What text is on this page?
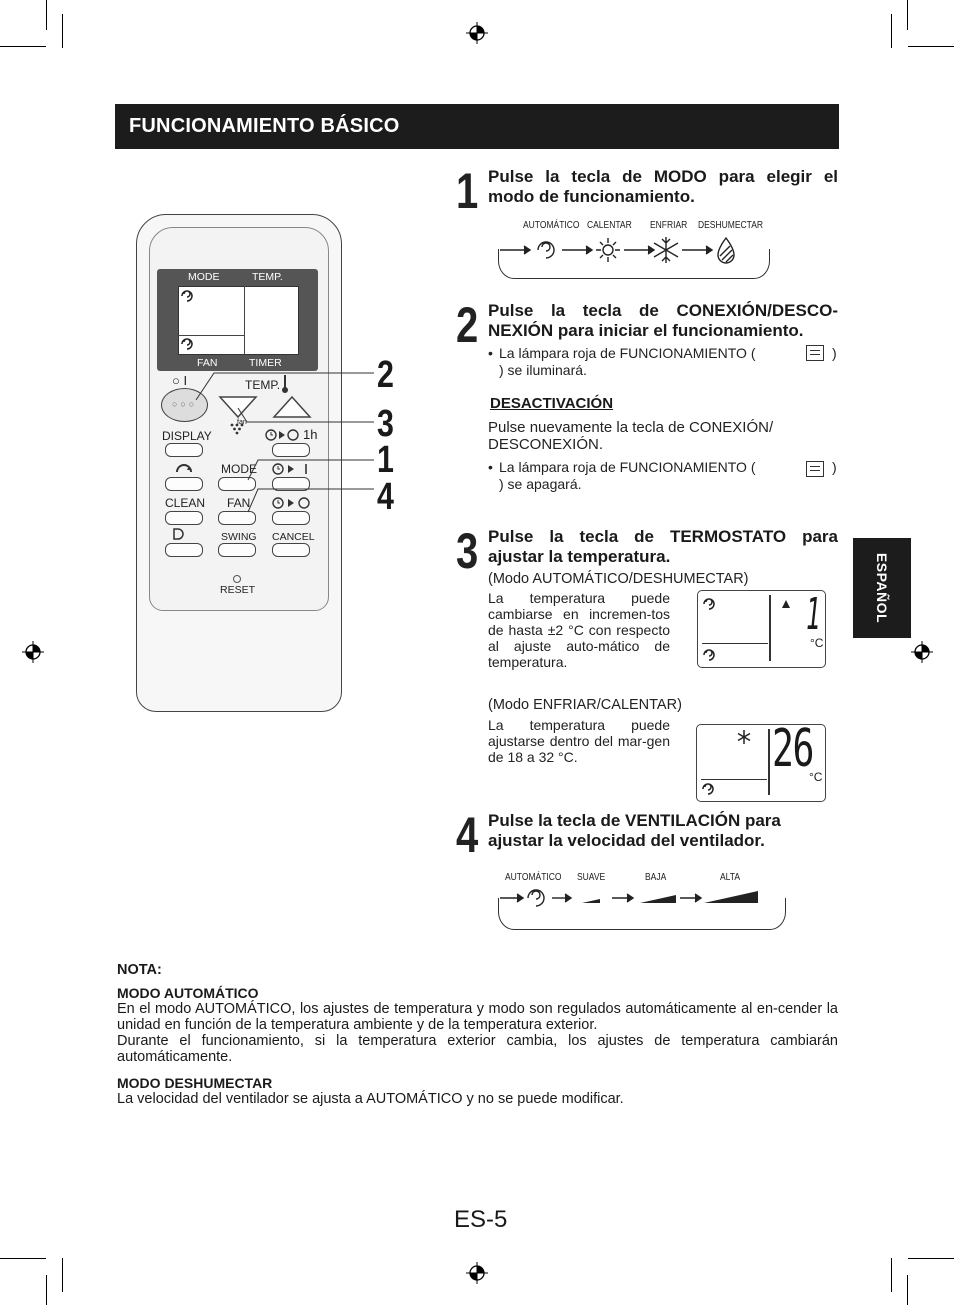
FUNCIONAMIENTO BÁSICO
ESPAÑOL
MODE	TEMP.
FAN	TIMER
○ I
○○○
TEMP.
fan
DISPLAY	1h
MODE
CLEAN FAN
SWING CANCEL
RESET
2
3
1
4
1 Pulse la tecla de MODO para elegir el modo de funcionamiento.
AUTOMÁTICO CALENTAR ENFRIAR DESHUMECTAR
2 Pulse la tecla de CONEXIÓN/DESCO-NEXIÓN para iniciar el funcionamiento.
• La lámpara roja de FUNCIONAMIENTO (	)
) se iluminará.
DESACTIVACIÓN
Pulse nuevamente la tecla de CONEXIÓN/ DESCONEXIÓN.
• La lámpara roja de FUNCIONAMIENTO (	)
) se apagará.
3 Pulse la tecla de TERMOSTATO para ajustar la temperatura.
(Modo AUTOMÁTICO/DESHUMECTAR)
La temperatura puede cambiarse en incremen-tos de hasta ±2 °C con respecto al ajuste auto-mático de temperatura.
1
°C
(Modo ENFRIAR/CALENTAR)
La temperatura puede ajustarse dentro del mar-gen de 18 a 32 °C.	26
°C
4 Pulse la tecla de VENTILACIÓN para ajustar la velocidad del ventilador.
AUTOMÁTICO SUAVE	BAJA	ALTA
NOTA:
MODO AUTOMÁTICO
En el modo AUTOMÁTICO, los ajustes de temperatura y modo son regulados automáticamente al en-cender la unidad en función de la temperatura ambiente y de la temperatura exterior.
Durante el funcionamiento, si la temperatura exterior cambia, los ajustes de temperatura cambiarán automáticamente.
MODO DESHUMECTAR
La velocidad del ventilador se ajusta a AUTOMÁTICO y no se puede modificar.
ES-5
